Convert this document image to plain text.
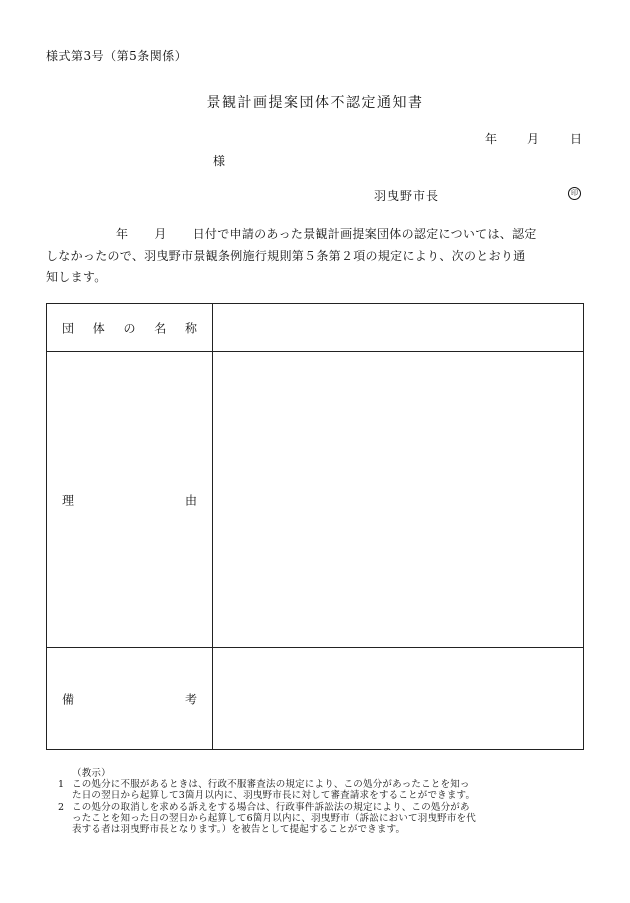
様式第3号（第5条関係）
景観計画提案団体不認定通知書
年 月	日
様
羽曳野市長	印
年 月 日付で申請のあった景観計画提案団体の認定については、認定
しなかったので、羽曳野市景観条例施行規則第５条第２項の規定により、次のとおり通
知します。
団 体 の 名 称	

理 由	

備 考	

（教示）
1 この処分に不服があるときは、行政不服審査法の規定により、この処分があったことを知っ
た日の翌日から起算して3箇月以内に、羽曳野市長に対して審査請求をすることができます。
2 この処分の取消しを求める訴えをする場合は、行政事件訴訟法の規定により、この処分があ
ったことを知った日の翌日から起算して6箇月以内に、羽曳野市（訴訟において羽曳野市を代
表する者は羽曳野市長となります。）を被告として提起することができます。
